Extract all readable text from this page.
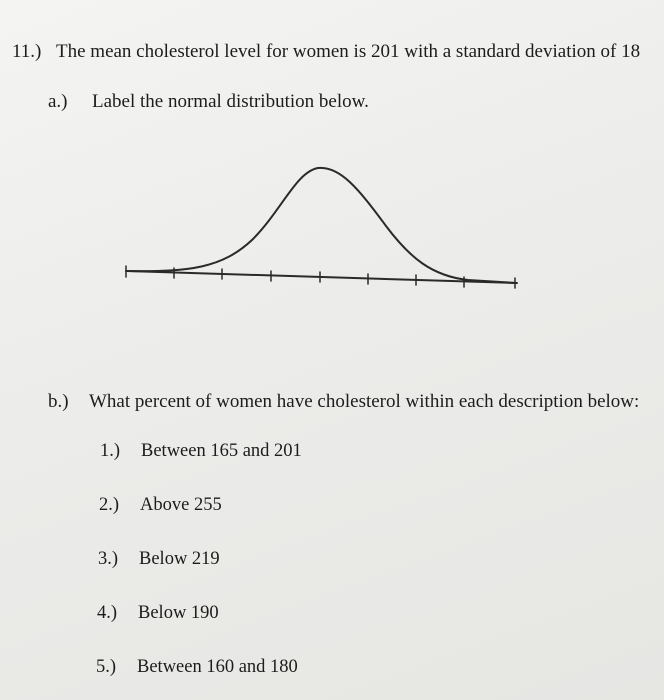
11.) The mean cholesterol level for women is 201 with a standard deviation of 18
a.) Label the normal distribution below.
b.) What percent of women have cholesterol within each description below:
1.) Between 165 and 201
2.) Above 255
3.) Below 219
4.) Below 190
5.) Between 160 and 180
